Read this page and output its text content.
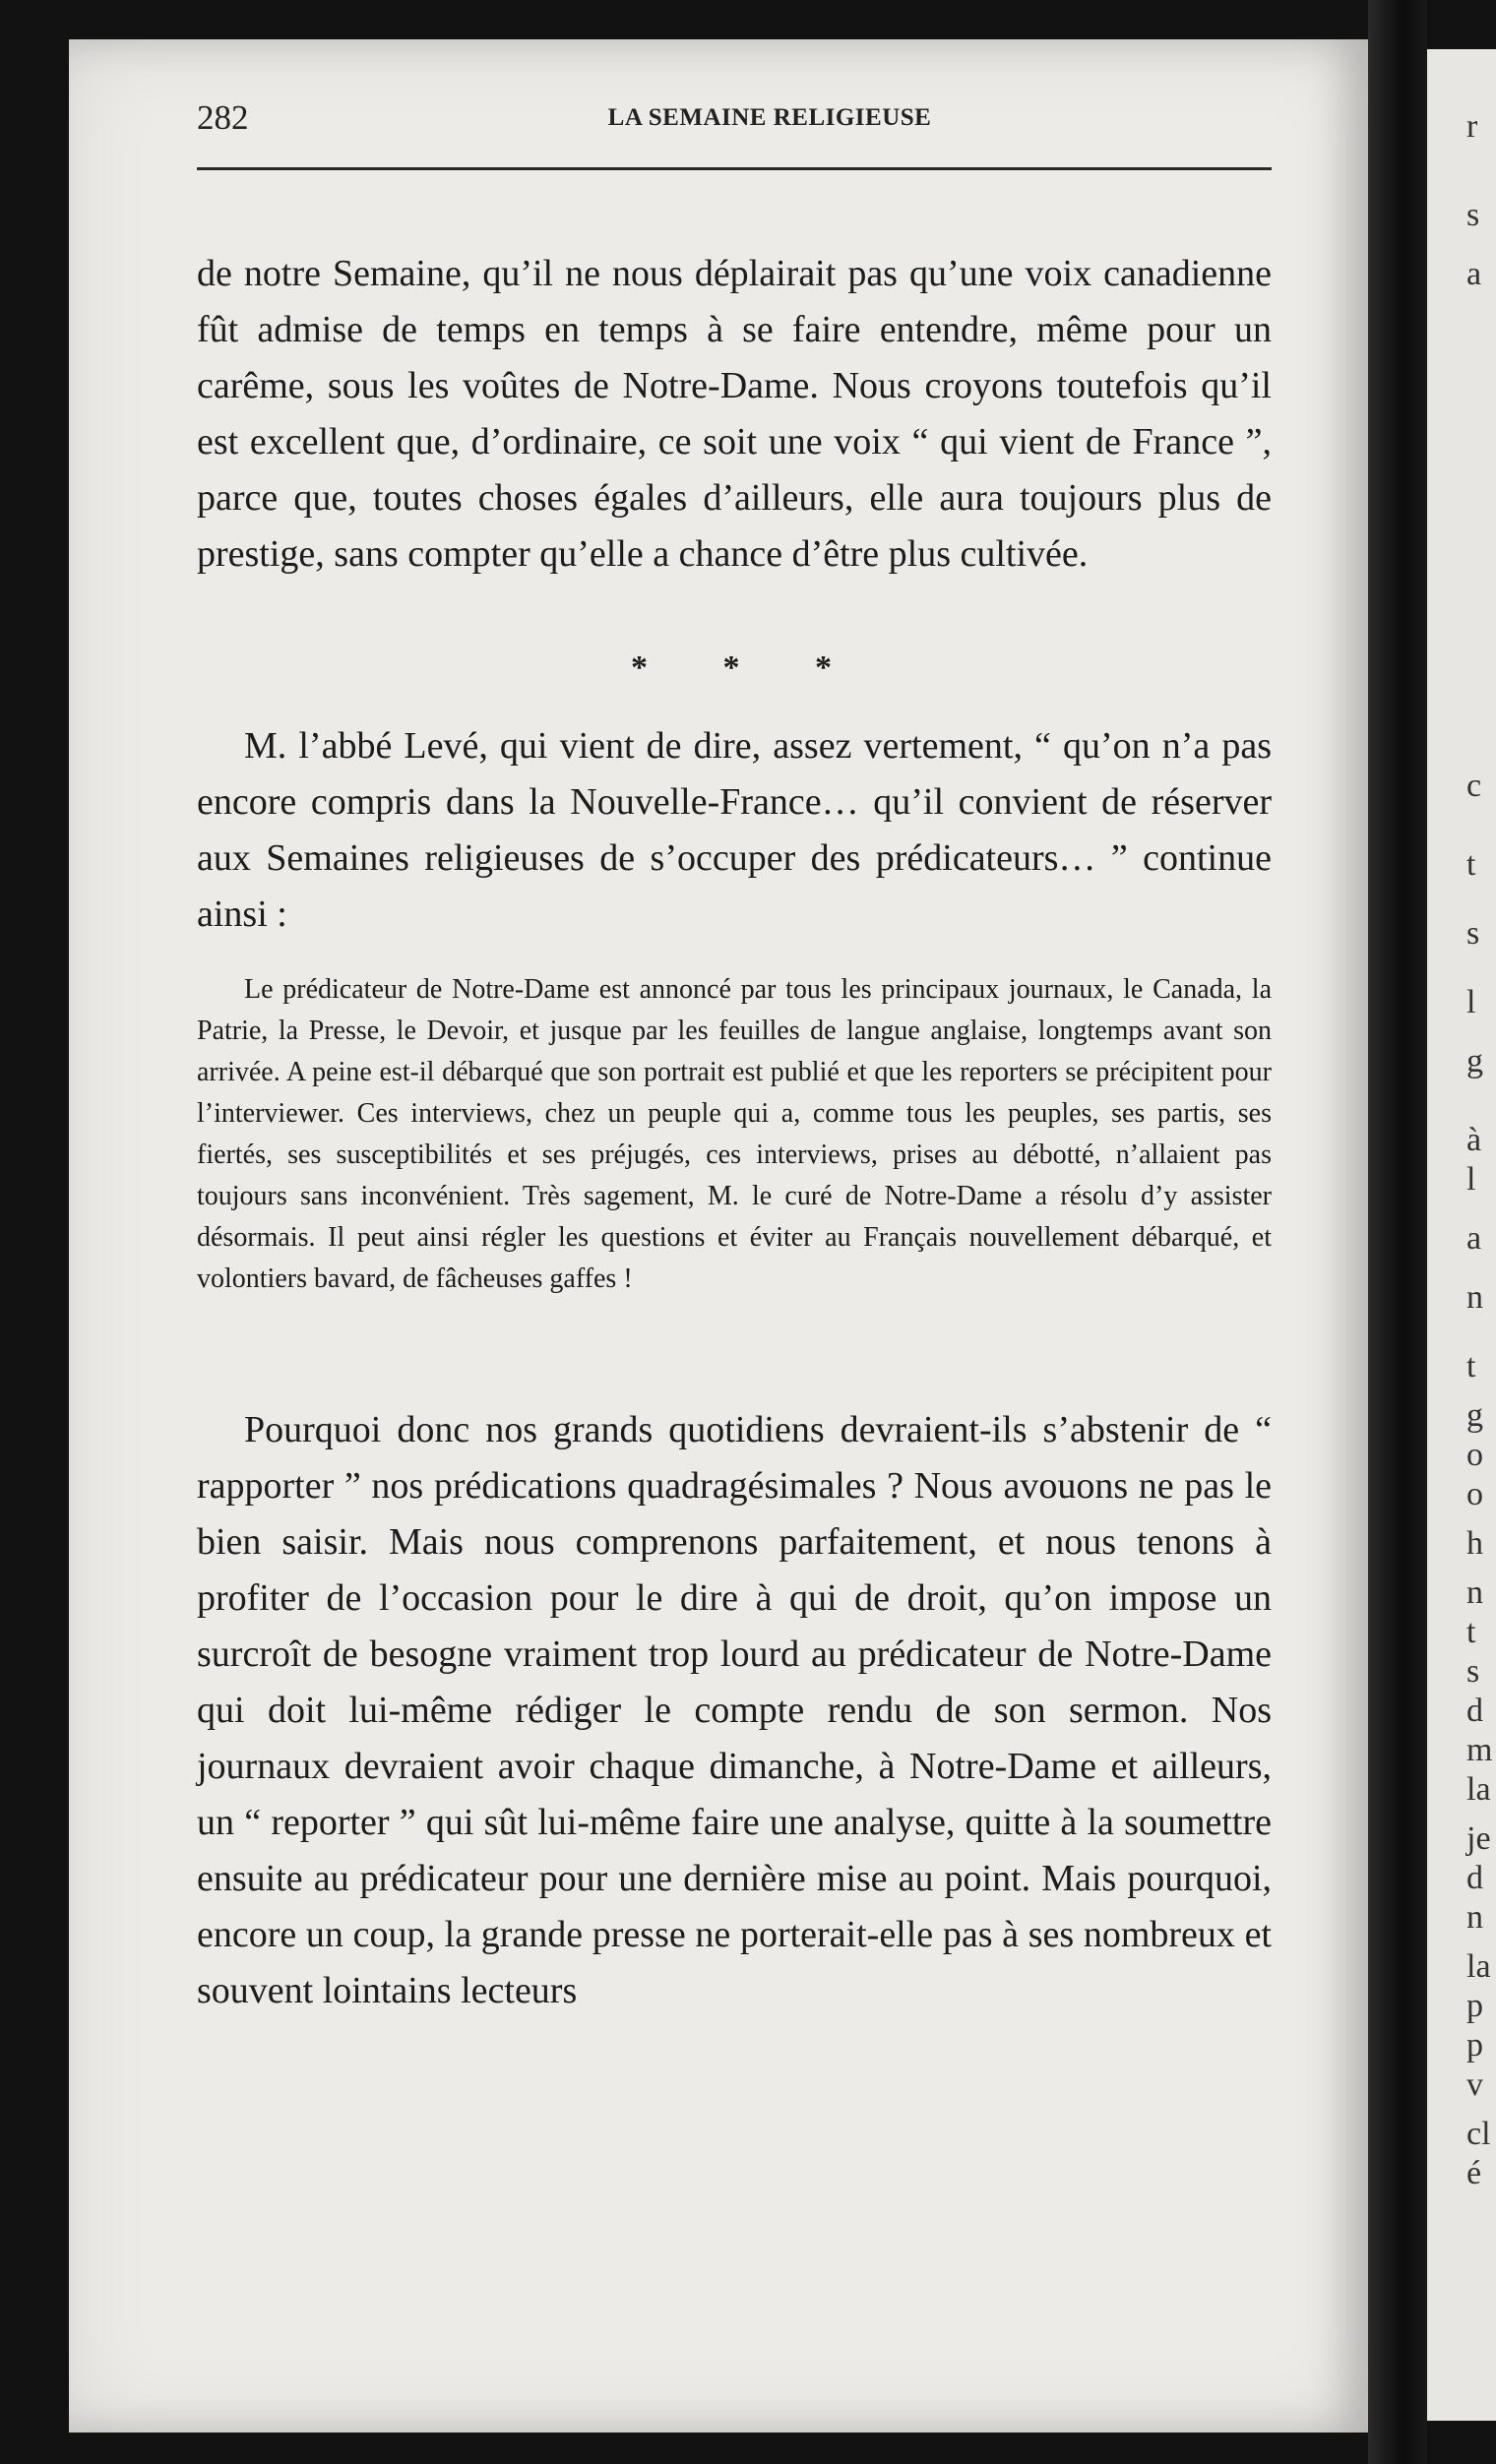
r
s
a
c
t
s
l
g
à
l
a
n
t
g
o
o
h
n
t
s
d
m
la
je
d
n
la
p
p
v
cl
é
282	LA SEMAINE RELIGIEUSE

de notre Semaine, qu’il ne nous déplairait pas qu’une voix canadienne fût admise de temps en temps à se faire entendre, même pour un carême, sous les voûtes de Notre-Dame. Nous croyons toutefois qu’il est excellent que, d’ordinaire, ce soit une voix “ qui vient de France ”, parce que, toutes choses égales d’ailleurs, elle aura toujours plus de prestige, sans compter qu’elle a chance d’être plus cultivée.

* * *

M. l’abbé Levé, qui vient de dire, assez vertement, “ qu’on n’a pas encore compris dans la Nouvelle-France… qu’il convient de réserver aux Semaines religieuses de s’occuper des prédicateurs… ” continue ainsi :

Le prédicateur de Notre-Dame est annoncé par tous les principaux journaux, le Canada, la Patrie, la Presse, le Devoir, et jusque par les feuilles de langue anglaise, longtemps avant son arrivée. A peine est-il débarqué que son portrait est publié et que les reporters se précipitent pour l’interviewer. Ces interviews, chez un peuple qui a, comme tous les peuples, ses partis, ses fiertés, ses susceptibilités et ses préjugés, ces interviews, prises au débotté, n’allaient pas toujours sans inconvénient. Très sagement, M. le curé de Notre-Dame a résolu d’y assister désormais. Il peut ainsi régler les questions et éviter au Français nouvellement débarqué, et volontiers bavard, de fâcheuses gaffes !

Pourquoi donc nos grands quotidiens devraient-ils s’abstenir de “ rapporter ” nos prédications quadragésimales ? Nous avouons ne pas le bien saisir. Mais nous comprenons parfaitement, et nous tenons à profiter de l’occasion pour le dire à qui de droit, qu’on impose un surcroît de besogne vraiment trop lourd au prédicateur de Notre-Dame qui doit lui-même rédiger le compte rendu de son sermon. Nos journaux devraient avoir chaque dimanche, à Notre-Dame et ailleurs, un “ reporter ” qui sût lui-même faire une analyse, quitte à la soumettre ensuite au prédicateur pour une dernière mise au point. Mais pourquoi, encore un coup, la grande presse ne porterait-elle pas à ses nombreux et souvent lointains lecteurs
